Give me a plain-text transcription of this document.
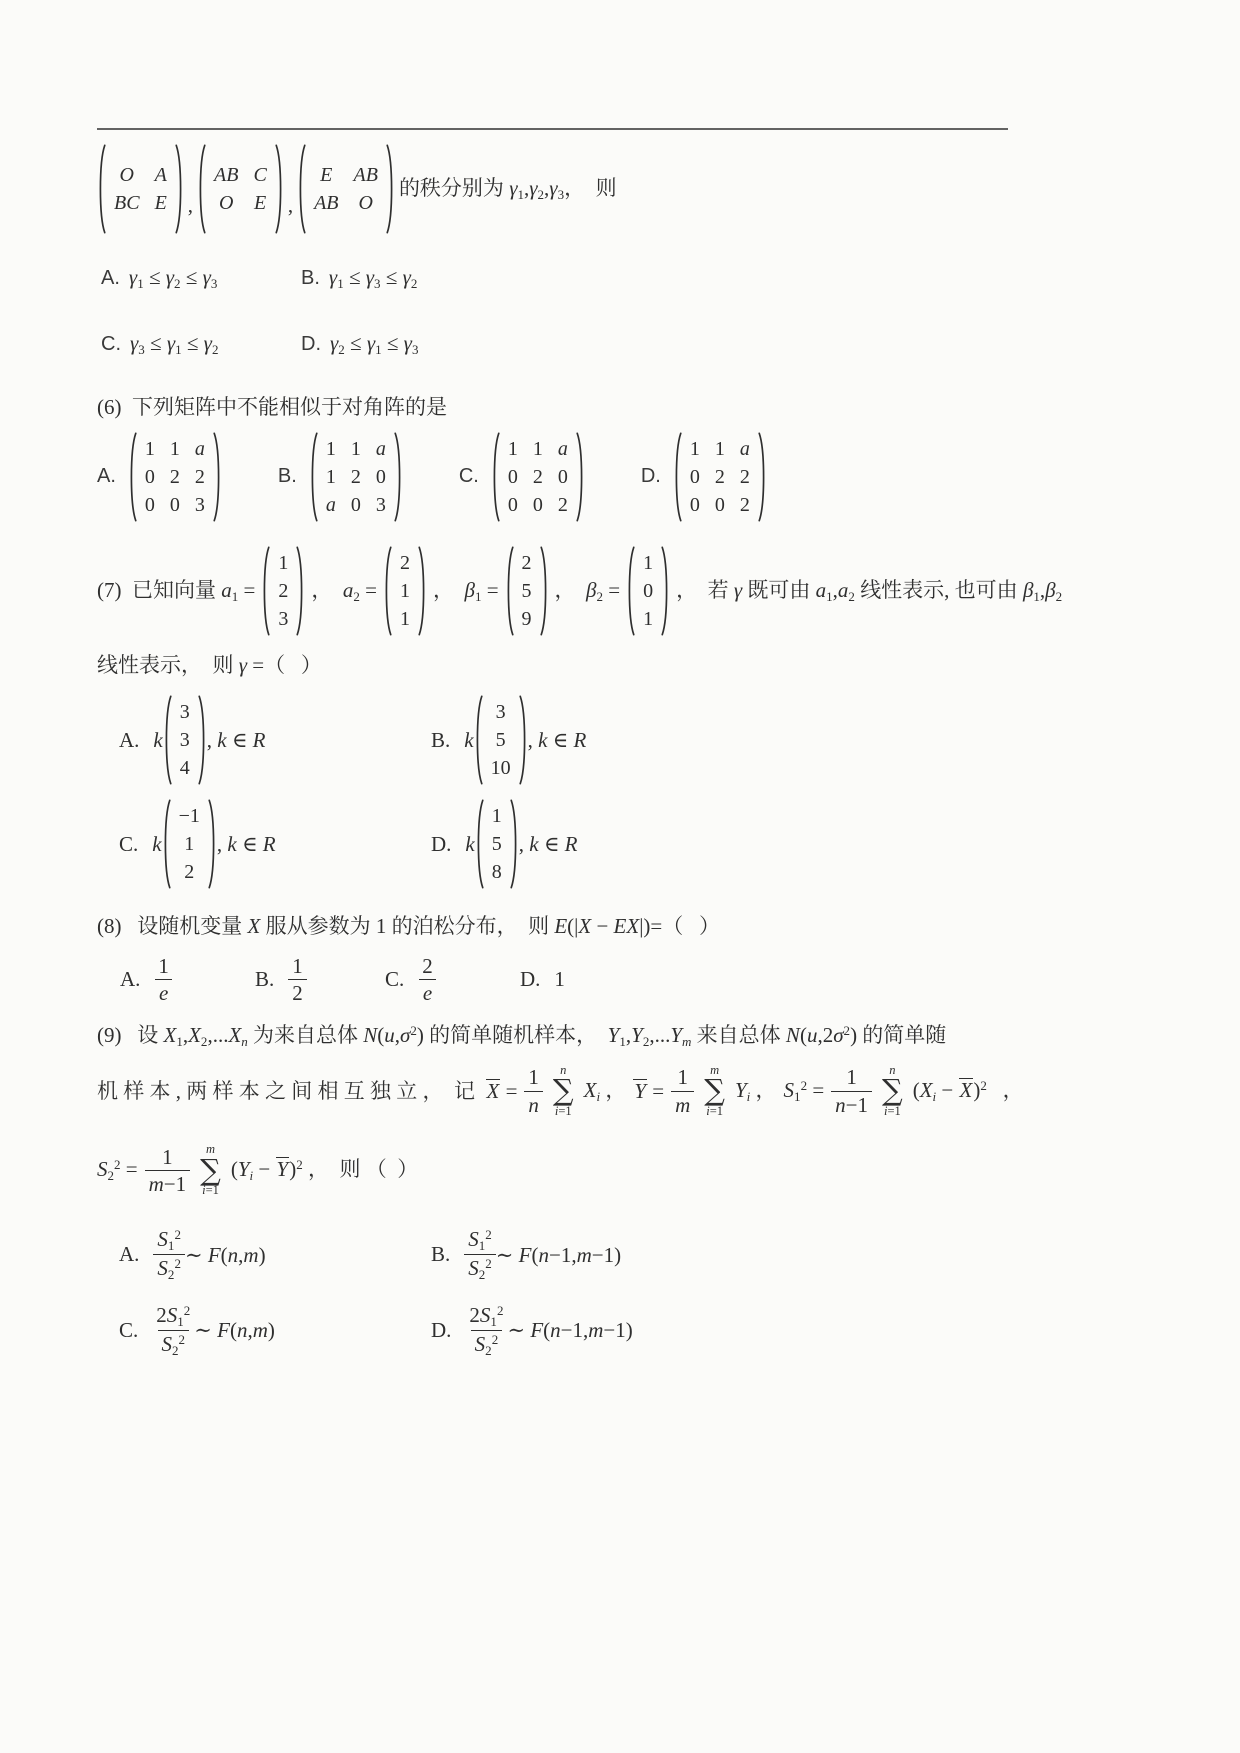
O A
BC E ,
AB C
O E ,
E AB
AB O
的秩分别为 $\gamma_1,\gamma_2,\gamma_3$，  则
A. $\gamma_1 \le \gamma_2 \le \gamma_3$	B. $\gamma_1 \le \gamma_3 \le \gamma_2$
C. $\gamma_3 \le \gamma_1 \le \gamma_2$	D. $\gamma_2 \le \gamma_1 \le \gamma_3$
(6)  下列矩阵中不能相似于对角阵的是
A.
1 1 a
0 2 2
0 0 3
B.
1 1 a
1 2 0
a 0 3
C.
1 1 a
0 2 0
0 0 2
D.
1 1 a
0 2 2
0 0 2
(7)  已知向量 $a_1$ =
1
2
3
，  $a_2$ =
2
1
1
，  $\beta_1$ =
2
5
9
，  $\beta_2$ =
1
0
1
，  若 γ 既可由 $a_1,a_2$ 线性表示, 也可由 $\beta_1,\beta_2$
线性表示，  则 γ =（   ）
A. k
3
3
4
, k ∈ R	B. k
3
5
10
, k ∈ R
C. k
−1
1
2
, k ∈ R	D. k
1
5
8
, k ∈ R
(8)   设随机变量 X 服从参数为 1 的泊松分布，  则 E(|X − EX|)=（   ）
A. $\frac{1}{e}$	B. $\frac{1}{2}$	C. $\frac{2}{e}$	D. 1
(9)   设 $X_1,X_2,...X_n$ 为来自总体 $N(u,\sigma^2)$ 的简单随机样本，  $Y_1,Y_2,...Y_m$ 来自总体 $N(u,2\sigma^2)$ 的简单随
机 样 本 , 两 样 本 之 间 相 互 独 立 ，  记  $X = \frac{1}{n}$ n
∑
i=1
$X_i$ ， $Y = \frac{1}{m}$ m
∑
i=1
$Y_i$ ， $S_1^2 = \frac{1}{n-1}$ n
∑
i=1
$(X_i - X)^2$   ，
$S_2^2 = \frac{1}{m-1}$ m
∑
i=1
$(Y_i - Y)^2$ ，  则 （  ）
A. $\frac{S_1^2}{S_2^2}$ ∼ F(n,m)	B. $\frac{S_1^2}{S_2^2}$ ∼ F(n−1,m−1)
C. $\frac{2S_1^2}{S_2^2}$ ∼ F(n,m)	D. $\frac{2S_1^2}{S_2^2}$ ∼ F(n−1,m−1)
